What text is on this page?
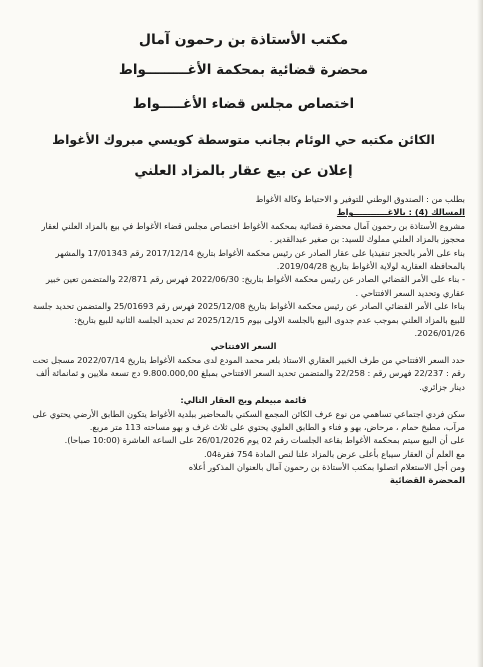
مكتب الأستاذة بن رحمون آمال
محضرة قضائية بمحكمة الأغـــــــــواط
اختصاص مجلس قضاء الأغـــــواط
الكائن مكتبه حي الوئام بجانب متوسطة كويسي مبروك الأغواط
إعلان عن بيع عقار بالمزاد العلني

بطلب من : الصندوق الوطني للتوفير و الاحتياط وكالة الأغواط

المسالك (4) : بالاغــــــــــــواط

مشروع الأستاذة بن رحمون آمال محضرة قضائية بمحكمة الأغواط اختصاص مجلس قضاء الأغواط في بيع بالمزاد العلني لعقار محجوز بالمزاد العلني مملوك للسيد: بن صغير عبدالقدير .

بناء على الأمر بالحجز تنفيذيا على عقار الصادر عن رئيس محكمة الأغواط بتاريخ 2017/12/14 رقم 17/01343 والمشهر بالمحافظة العقارية لولاية الأغواط بتاريخ 2019/04/28.

- بناء على الأمر القضائي الصادر عن رئيس محكمة الأغواط بتاريخ: 2022/06/30 فهرس رقم 22/871 والمتضمن تعين خبير عقاري وتحديد السعر الافتتاحي .

بناءا على الأمر القضائي الصادر عن رئيس محكمة الأغواط بتاريخ 2025/12/08 فهرس رقم 25/01693 والمتضمن تحديد جلسة للبيع بالمزاد العلني بموجب عدم جدوى البيع بالجلسة الاولى بيوم 2025/12/15 ثم تحديد الجلسة الثانية للبيع بتاريخ: 2026/01/26.

السعر الافتتاحي

حدد السعر الافتتاحي من طرف الخبير العقاري الاستاذ بلعر محمد المودع لدى محكمة الأغواط بتاريخ 2022/07/14 مسجل تحت رقم : 22/237 فهرس رقم : 22/258 والمتضمن تحديد السعر الافتتاحي بمبلغ 9.800.000,00 دج تسعة ملايين و ثمانمائة ألف دينار جزائري.

قائمة مبيعلم ويج العقار التالي:

سكن فردي اجتماعي تساهمي من نوع عرف الكائن المجمع السكني بالمحاضير ببلدية الأغواط يتكون الطابق الأرضي يحتوي على مرآب، مطبخ حمام ، مرحاض، بهو و فناء و الطابق العلوي يحتوي على ثلاث غرف و بهو مساحته 113 متر مربع.

على أن البيع سيتم بمحكمة الأغواط بقاعة الجلسات رقم 02 يوم 26/01/2026 على الساعة العاشرة (10:00 صباحا).

مع العلم أن العقار سيباع بأعلى عرض بالمزاد علنا لنص المادة 754 فقرة04.

ومن أجل الاستعلام اتصلوا بمكتب الأستاذة بن رحمون آمال بالعنوان المذكور أعلاه

المحضرة القضائية
